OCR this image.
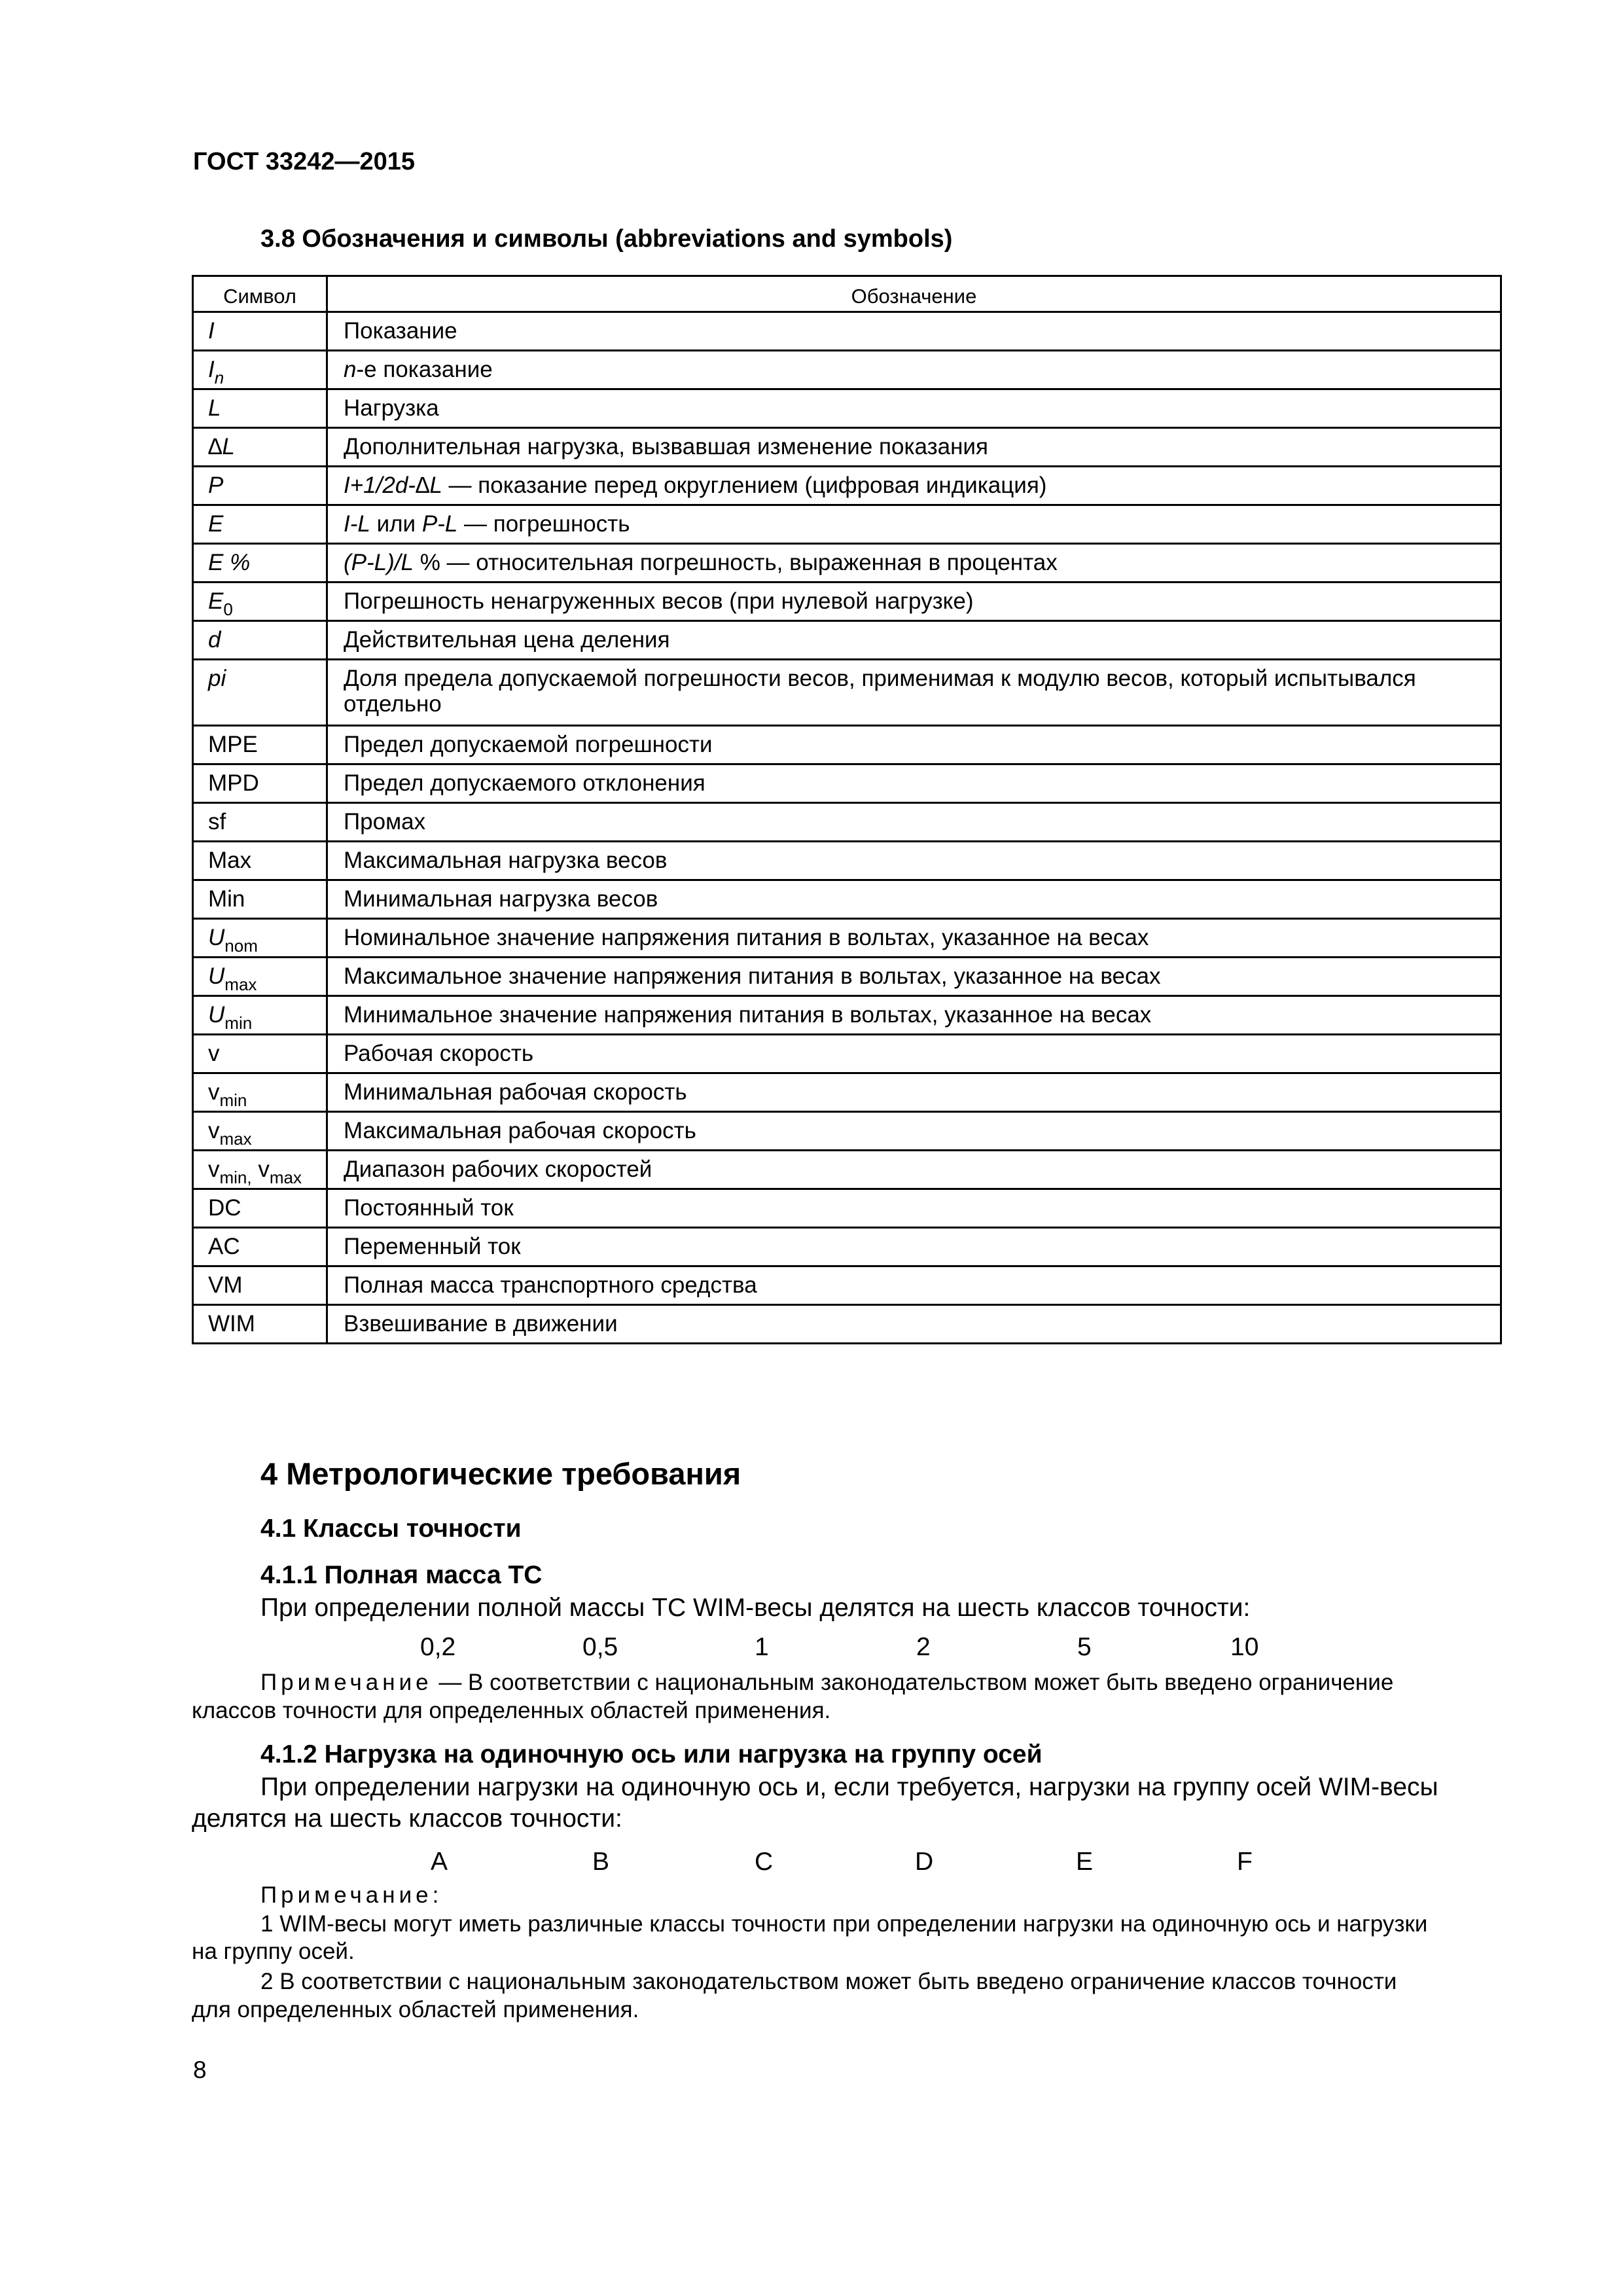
ГОСТ 33242—2015
3.8 Обозначения и символы (abbreviations and symbols)
Символ	Обозначение
I	Показание
$I_n$	n-е показание
L	Нагрузка
∆L	Дополнительная нагрузка, вызвавшая изменение показания
P	I+1/2d-∆L — показание перед округлением (цифровая индикация)
E	I-L или P-L — погрешность
E %	(P-L)/L % — относительная погрешность, выраженная в процентах
$E_0$	Погрешность ненагруженных весов (при нулевой нагрузке)
d	Действительная цена деления
pi	Доля предела допускаемой погрешности весов, применимая к модулю весов, который испытывался отдельно
MPE	Предел допускаемой погрешности
MPD	Предел допускаемого отклонения
sf	Промах
Max	Максимальная нагрузка весов
Min	Минимальная нагрузка весов
$U_{nom}$	Номинальное значение напряжения питания в вольтах, указанное на весах
$U_{max}$	Максимальное значение напряжения питания в вольтах, указанное на весах
$U_{min}$	Минимальное значение напряжения питания в вольтах, указанное на весах
v	Рабочая скорость
$v_{min}$	Минимальная рабочая скорость
$v_{max}$	Максимальная рабочая скорость
$v_{min,}$ $v_{max}$	Диапазон рабочих скоростей
DC	Постоянный ток
AC	Переменный ток
VM	Полная масса транспортного средства
WIM	Взвешивание в движении
4 Метрологические требования
4.1 Классы точности
4.1.1 Полная масса ТС
При определении полной массы ТС WIM-весы делятся на шесть классов точности:
0,2	0,5	1	2	5	10
Примечание — В соответствии с национальным законодательством может быть введено ограничение
классов точности для определенных областей применения.
4.1.2 Нагрузка на одиночную ось или нагрузка на группу осей
При определении нагрузки на одиночную ось и, если требуется, нагрузки на группу осей WIM-весы
делятся на шесть классов точности:
A	B	C	D	E	F
Примечание:
1 WIM-весы могут иметь различные классы точности при определении нагрузки на одиночную ось и нагрузки
на группу осей.
2 В соответствии с национальным законодательством может быть введено ограничение классов точности
для определенных областей применения.
8
